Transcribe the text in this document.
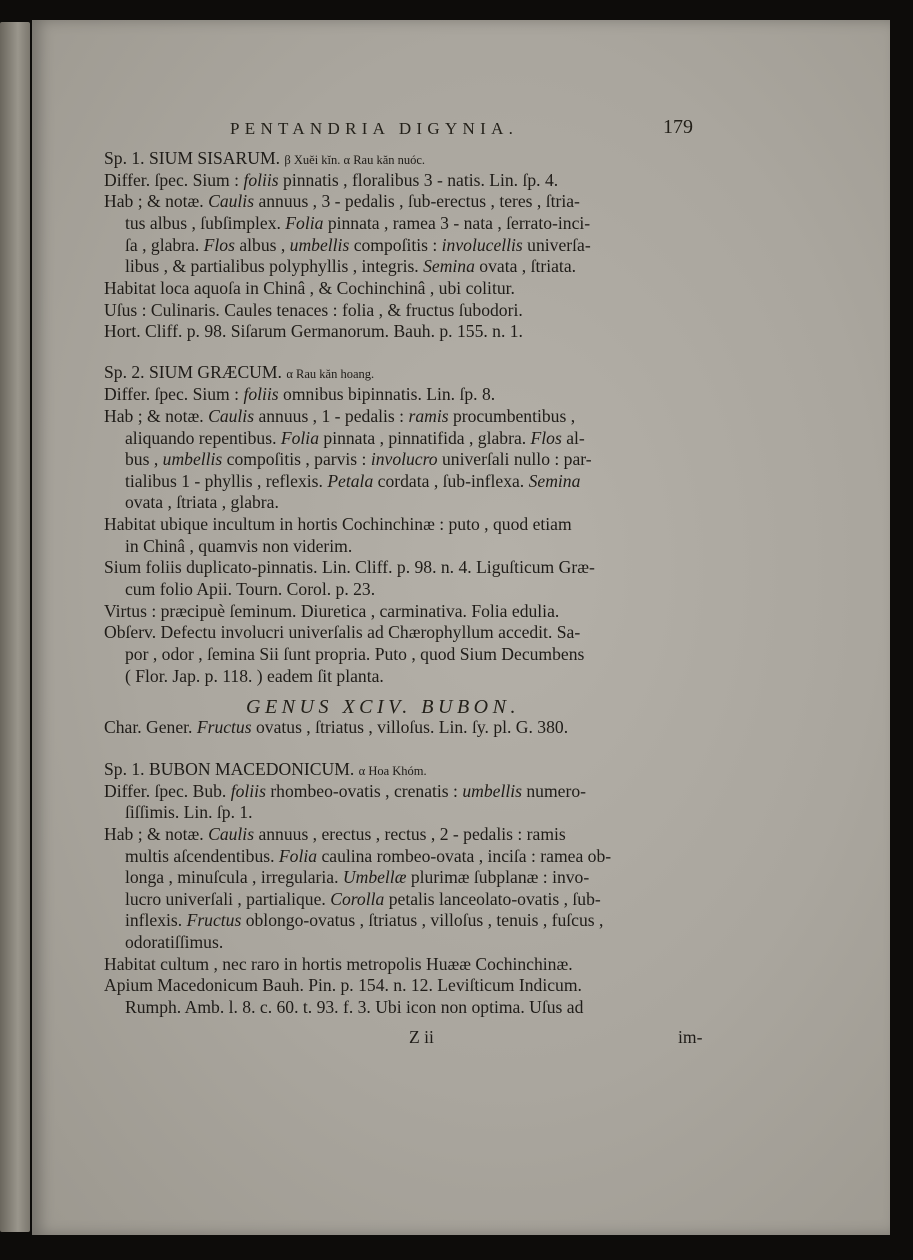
PENTANDRIA DIGYNIA.	179
Sp. 1. SIUM SISARUM. β Xuĕi kĭn. α Rau kăn nuóc.
Differ. ſpec. Sium : foliis pinnatis , floralibus 3 - natis. Lin. ſp. 4.
Hab ; & notæ. Caulis annuus , 3 - pedalis , ſub-erectus , teres , ſtria-
tus albus , ſubſimplex. Folia pinnata , ramea 3 - nata , ſerrato-inci-
ſa , glabra. Flos albus , umbellis compoſitis : involucellis univerſa-
libus , & partialibus polyphyllis , integris. Semina ovata , ſtriata.
Habitat loca aquoſa in Chinâ , & Cochinchinâ , ubi colitur.
Uſus : Culinaris. Caules tenaces : folia , & fructus ſubodori.
Hort. Cliff. p. 98. Siſarum Germanorum. Bauh. p. 155. n. 1.
Sp. 2. SIUM GRÆCUM. α Rau kăn hoang.
Differ. ſpec. Sium : foliis omnibus bipinnatis. Lin. ſp. 8.
Hab ; & notæ. Caulis annuus , 1 - pedalis : ramis procumbentibus ,
aliquando repentibus. Folia pinnata , pinnatifida , glabra. Flos al-
bus , umbellis compoſitis , parvis : involucro univerſali nullo : par-
tialibus 1 - phyllis , reflexis. Petala cordata , ſub-inflexa. Semina
ovata , ſtriata , glabra.
Habitat ubique incultum in hortis Cochinchinæ : puto , quod etiam
in Chinâ , quamvis non viderim.
Sium foliis duplicato-pinnatis. Lin. Cliff. p. 98. n. 4. Liguſticum Græ-
cum folio Apii. Tourn. Corol. p. 23.
Virtus : præcipuè ſeminum. Diuretica , carminativa. Folia edulia.
Obſerv. Defectu involucri univerſalis ad Chærophyllum accedit. Sa-
por , odor , ſemina Sii ſunt propria. Puto , quod Sium Decumbens
( Flor. Jap. p. 118. ) eadem ſit planta.
Char. Gener. Fructus ovatus , ſtriatus , villoſus. Lin. ſy. pl. G. 380.
Sp. 1. BUBON MACEDONICUM. α Hoa Khóm.
Differ. ſpec. Bub. foliis rhombeo-ovatis , crenatis : umbellis numero-
ſiſſimis. Lin. ſp. 1.
Hab ; & notæ. Caulis annuus , erectus , rectus , 2 - pedalis : ramis
multis aſcendentibus. Folia caulina rombeo-ovata , inciſa : ramea ob-
longa , minuſcula , irregularia. Umbellæ plurimæ ſubplanæ : invo-
lucro univerſali , partialique. Corolla petalis lanceolato-ovatis , ſub-
inflexis. Fructus oblongo-ovatus , ſtriatus , villoſus , tenuis , fuſcus ,
odoratiſſimus.
Habitat cultum , nec raro in hortis metropolis Huææ Cochinchinæ.
Apium Macedonicum Bauh. Pin. p. 154. n. 12. Leviſticum Indicum.
Rumph. Amb. l. 8. c. 60. t. 93. f. 3. Ubi icon non optima. Uſus ad
GENUS XCIV. BUBON.
Z ii	im-
